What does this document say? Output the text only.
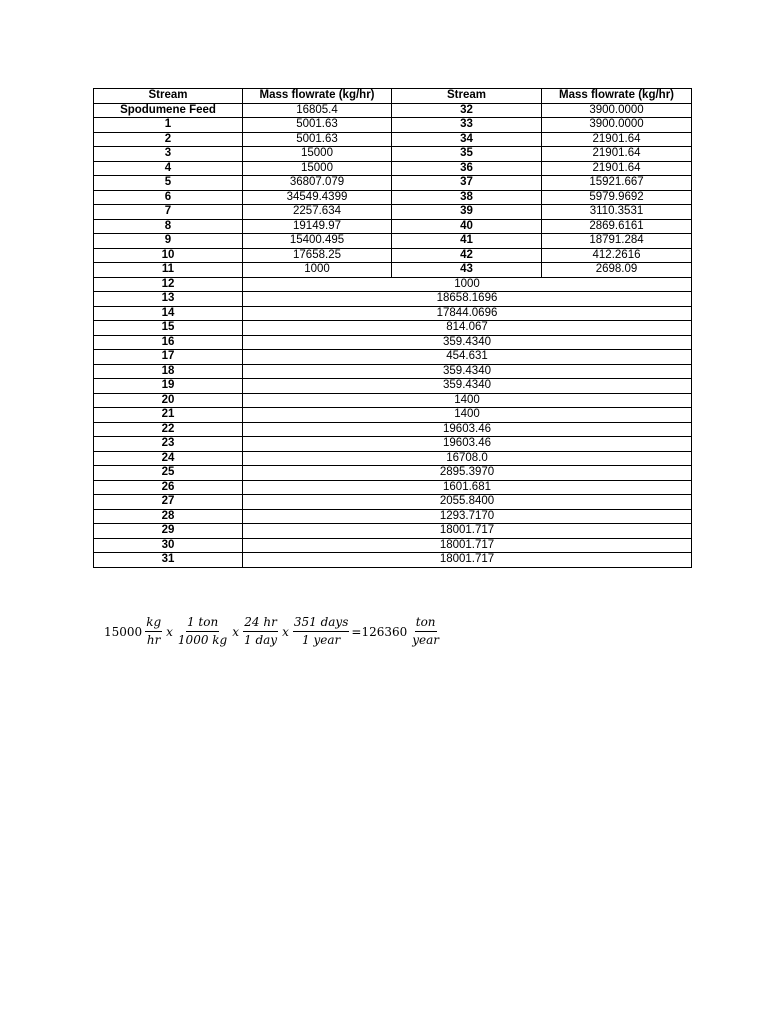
Stream	Mass flowrate (kg/hr)	Stream	Mass flowrate (kg/hr)
Spodumene Feed	16805.4	32	3900.0000
1	5001.63	33	3900.0000
2	5001.63	34	21901.64
3	15000	35	21901.64
4	15000	36	21901.64
5	36807.079	37	15921.667
6	34549.4399	38	5979.9692
7	2257.634	39	3110.3531
8	19149.97	40	2869.6161
9	15400.495	41	18791.284
10	17658.25	42	412.2616
11	1000	43	2698.09
12	1000		
13	18658.1696		
14	17844.0696		
15	814.067		
16	359.4340		
17	454.631		
18	359.4340		
19	359.4340		
20	1400		
21	1400		
22	19603.46		
23	19603.46		
24	16708.0		
25	2895.3970		
26	1601.681		
27	2055.8400		
28	1293.7170		
29	18001.717		
30	18001.717		
31	18001.717		
$15000 \frac{kg}{hr}$ x $\frac{\text{1 ton}}{1000 kg}$ x $\frac{24 hr}{\text{1 day}}$ x $\frac{\text{351 days}}{\text{1 year}} = 126360 \frac{\text{ton}}{\text{year}}$
